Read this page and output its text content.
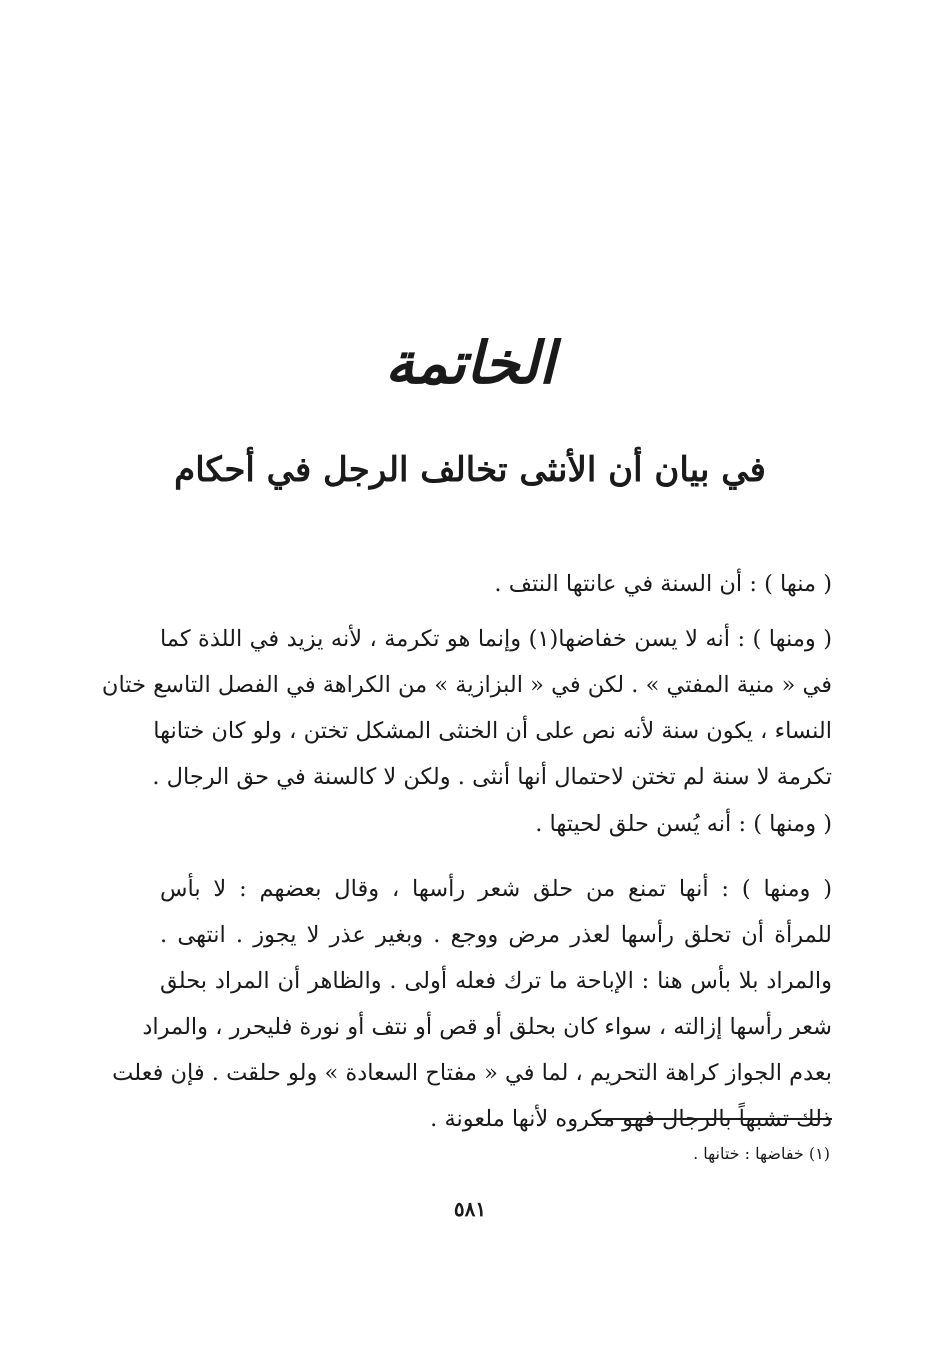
الخاتمة
في بيان أن الأنثى تخالف الرجل في أحكام
( منها ) : أن السنة في عانتها النتف .
( ومنها ) : أنه لا يسن خفاضها(١) وإنما هو تكرمة ، لأنه يزيد في اللذة كما
في « منية المفتي » . لكن في « البزازية » من الكراهة في الفصل التاسع ختان
النساء ، يكون سنة لأنه نص على أن الخنثى المشكل تختن ، ولو كان ختانها
تكرمة لا سنة لم تختن لاحتمال أنها أنثى . ولكن لا كالسنة في حق الرجال .
( ومنها ) : أنه يُسن حلق لحيتها .
( ومنها ) : أنها تمنع من حلق شعر رأسها ، وقال بعضهم : لا بأس
للمرأة أن تحلق رأسها لعذر مرض ووجع . وبغير عذر لا يجوز . انتهى .
والمراد بلا بأس هنا : الإباحة ما ترك فعله أولى . والظاهر أن المراد بحلق
شعر رأسها إزالته ، سواء كان بحلق أو قص أو نتف أو نورة فليحرر ، والمراد
بعدم الجواز كراهة التحريم ، لما في « مفتاح السعادة » ولو حلقت . فإن فعلت
ذلك تشبهاً بالرجال فهو مكروه لأنها ملعونة .
(١) خفاضها : ختانها .
٥٨١
